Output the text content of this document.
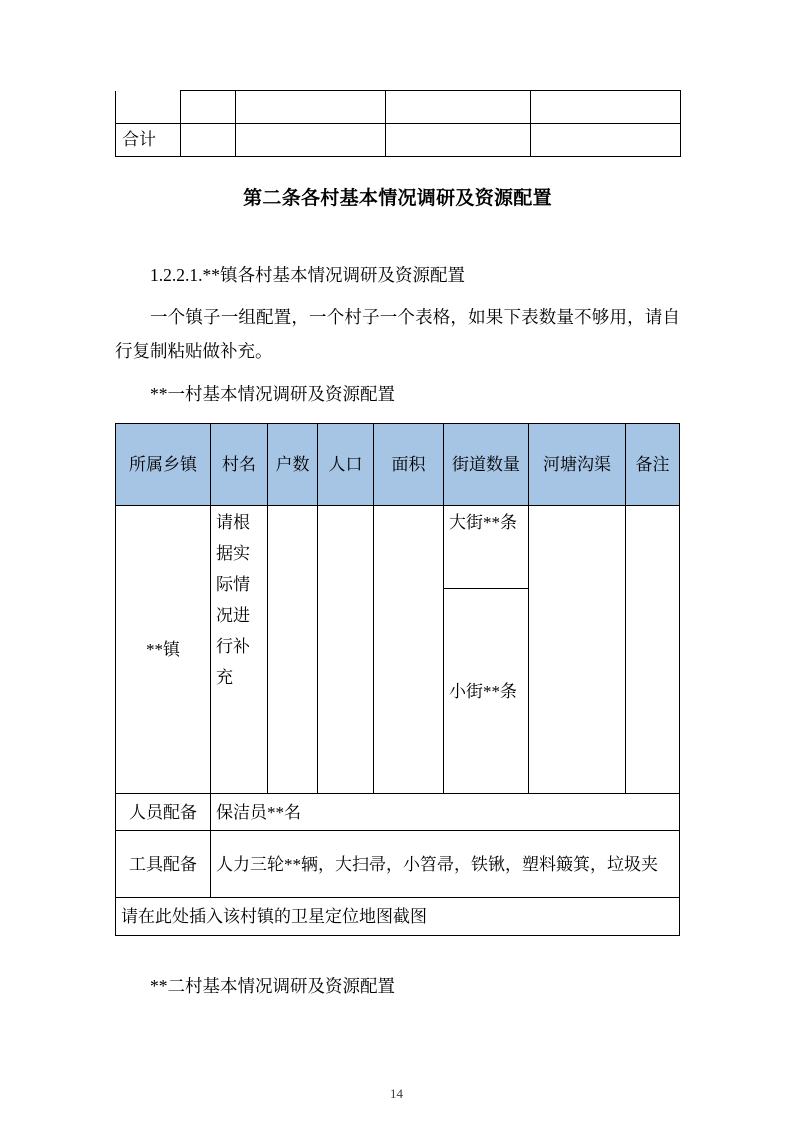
合计				
第二条各村基本情况调研及资源配置
1.2.2.1.**镇各村基本情况调研及资源配置
一个镇子一组配置，一个村子一个表格，如果下表数量不够用，请自行复制粘贴做补充。
**一村基本情况调研及资源配置
所属乡镇	村名	户数	人口	面积	街道数量	河塘沟渠	备注
**镇	请根据实际情况进行补充				大街**条		
					小街**条		
人员配备	保洁员**名						
工具配备	人力三轮**辆，大扫帚，小笤帚，铁锹，塑料簸箕，垃圾夹						
请在此处插入该村镇的卫星定位地图截图							
**二村基本情况调研及资源配置
14
